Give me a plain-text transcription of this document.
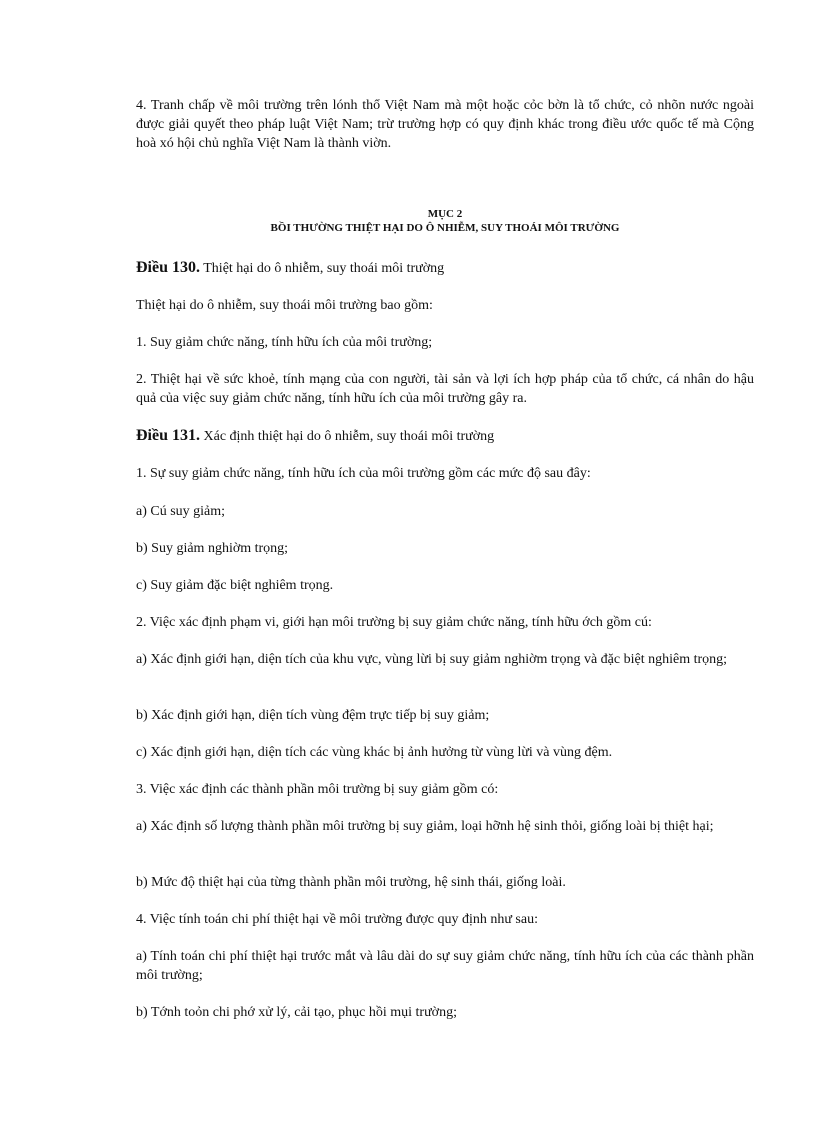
4. Tranh chấp về môi trường trên lónh thổ Việt Nam mà một hoặc cỏc bờn là tổ chức, cỏ nhõn nước ngoài được giải quyết theo pháp luật Việt Nam; trừ trường hợp có quy định khác trong điều ước quốc tế mà Cộng hoà xó hội chủ nghĩa Việt Nam là thành viờn.

MỤC 2

BỒI THƯỜNG THIỆT HẠI DO Ô NHIỄM, SUY THOÁI MÔI TRƯỜNG

Điều 130. Thiệt hại do ô nhiễm, suy thoái môi trường

Thiệt hại do ô nhiễm, suy thoái môi trường bao gồm:

1. Suy giảm chức năng, tính hữu ích của môi trường;

2. Thiệt hại về sức khoẻ, tính mạng của con người, tài sản và lợi ích hợp pháp của tổ chức, cá nhân do hậu quả của việc suy giảm chức năng, tính hữu ích của môi trường gây ra.

Điều 131. Xác định thiệt hại do ô nhiễm, suy thoái môi trường

1. Sự suy giảm chức năng, tính hữu ích của môi trường gồm các mức độ sau đây:

a) Cú suy giảm;

b) Suy giảm nghiờm trọng;

c) Suy giảm đặc biệt nghiêm trọng.

2. Việc xác định phạm vi, giới hạn môi trường bị suy giảm chức năng, tính hữu ớch gồm cú:

a) Xác định giới hạn, diện tích của khu vực, vùng lừi bị suy giảm nghiờm trọng và đặc biệt nghiêm trọng;

b) Xác định giới hạn, diện tích vùng đệm trực tiếp bị suy giảm;

c) Xác định giới hạn, diện tích các vùng khác bị ảnh hưởng từ vùng lừi và vùng đệm.

3. Việc xác định các thành phần môi trường bị suy giảm gồm có:

a) Xác định số lượng thành phần môi trường bị suy giảm, loại hỡnh hệ sinh thỏi, giống loài bị thiệt hại;

b) Mức độ thiệt hại của từng thành phần môi trường, hệ sinh thái, giống loài.

4. Việc tính toán chi phí thiệt hại về môi trường được quy định như sau:

a) Tính toán chi phí thiệt hại trước mắt và lâu dài do sự suy giảm chức năng, tính hữu ích của các thành phần môi trường;

b) Tớnh toỏn chi phớ xử lý, cải tạo, phục hồi mụi trường;
